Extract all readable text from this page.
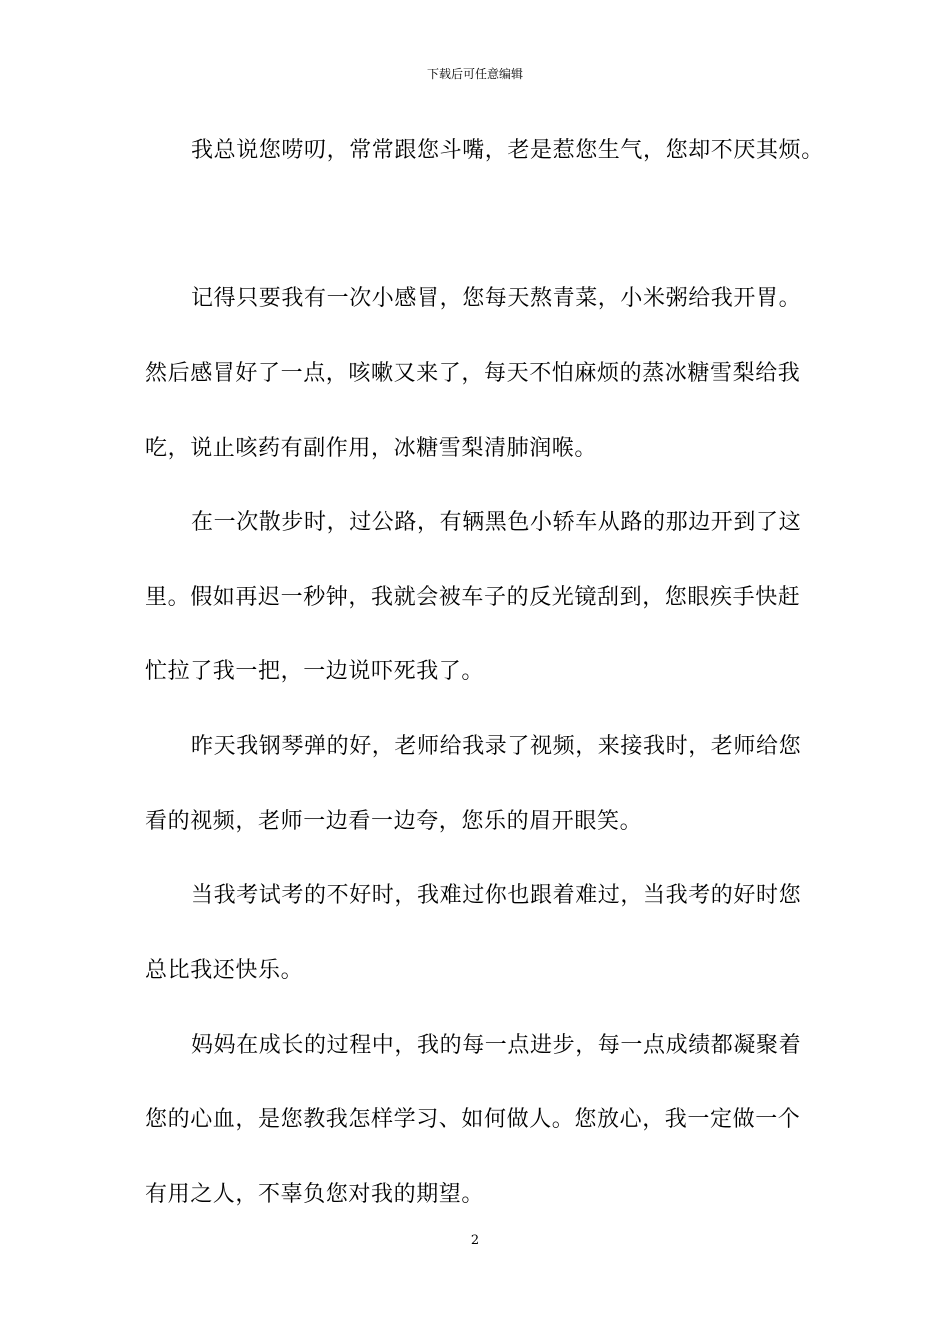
下载后可任意编辑
我总说您唠叨，常常跟您斗嘴，老是惹您生气，您却不厌其烦。
记得只要我有一次小感冒，您每天熬青菜，小米粥给我开胃。
然后感冒好了一点，咳嗽又来了，每天不怕麻烦的蒸冰糖雪梨给我
吃，说止咳药有副作用，冰糖雪梨清肺润喉。
在一次散步时，过公路，有辆黑色小轿车从路的那边开到了这
里。假如再迟一秒钟，我就会被车子的反光镜刮到，您眼疾手快赶
忙拉了我一把，一边说吓死我了。
昨天我钢琴弹的好，老师给我录了视频，来接我时，老师给您
看的视频，老师一边看一边夸，您乐的眉开眼笑。
当我考试考的不好时，我难过你也跟着难过，当我考的好时您
总比我还快乐。
妈妈在成长的过程中，我的每一点进步，每一点成绩都凝聚着
您的心血，是您教我怎样学习、如何做人。您放心，我一定做一个
有用之人，不辜负您对我的期望。
2
